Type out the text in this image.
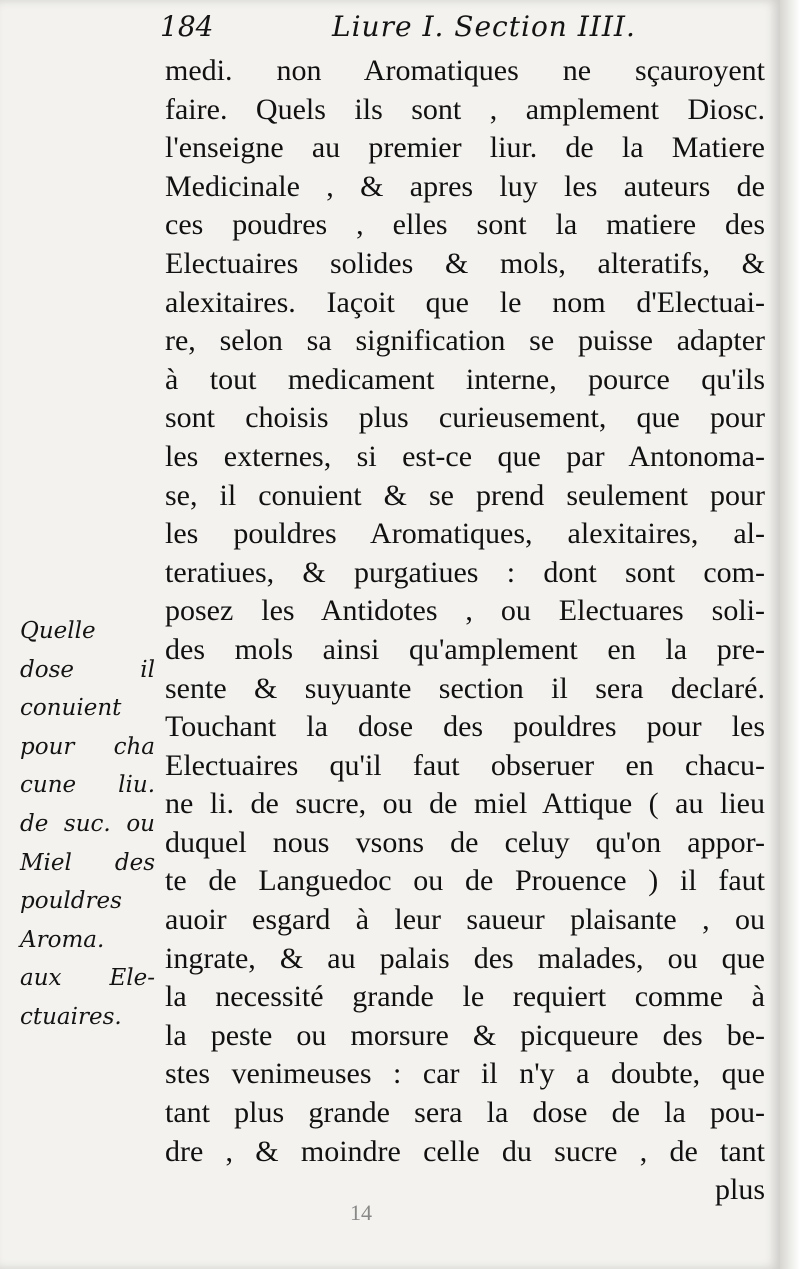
184	Liure I. Section IIII.
Quelle
dose il
conuient
pour cha
cune liu.
de suc. ou
Miel des
pouldres
Aroma.
aux Ele-
ctuaires.
medi. non Aromatiques ne sçauroyent
faire. Quels ils sont , amplement Diosc.
l'enseigne au premier liur. de la Matiere
Medicinale , & apres luy les auteurs de
ces poudres , elles sont la matiere des
Electuaires solides & mols, alteratifs, &
alexitaires. Iaçoit que le nom d'Electuai-
re, selon sa signification se puisse adapter
à tout medicament interne, pource qu'ils
sont choisis plus curieusement, que pour
les externes, si est-ce que par Antonoma-
se, il conuient & se prend seulement pour
les pouldres Aromatiques, alexitaires, al-
teratiues, & purgatiues : dont sont com-
posez les Antidotes , ou Electuares soli-
des mols ainsi qu'amplement en la pre-
sente & suyuante section il sera declaré.
Touchant la dose des pouldres pour les
Electuaires qu'il faut obseruer en chacu-
ne li. de sucre, ou de miel Attique ( au lieu
duquel nous vsons de celuy qu'on appor-
te de Languedoc ou de Prouence ) il faut
auoir esgard à leur saueur plaisante , ou
ingrate, & au palais des malades, ou que
la necessité grande le requiert comme à
la peste ou morsure & picqueure des be-
stes venimeuses : car il n'y a doubte, que
tant plus grande sera la dose de la pou-
dre , & moindre celle du sucre , de tant
plus
14
